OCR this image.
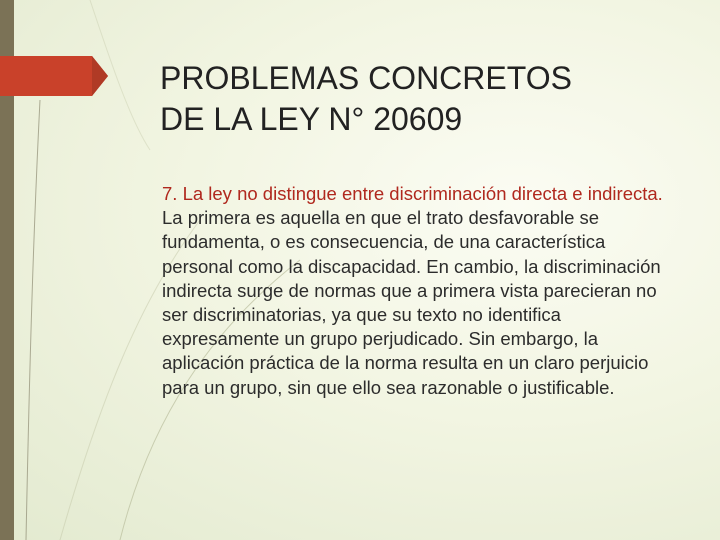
PROBLEMAS CONCRETOS
DE LA LEY N° 20609
7. La ley no distingue entre discriminación directa e indirecta. La primera es aquella en que el trato desfavorable se fundamenta, o es consecuencia, de una característica personal como la discapacidad. En cambio, la discriminación indirecta surge de normas que a primera vista parecieran no ser discriminatorias, ya que su texto no identifica expresamente un grupo perjudicado. Sin embargo, la aplicación práctica de la norma resulta en un claro perjuicio para un grupo, sin que ello sea razonable o justificable.
